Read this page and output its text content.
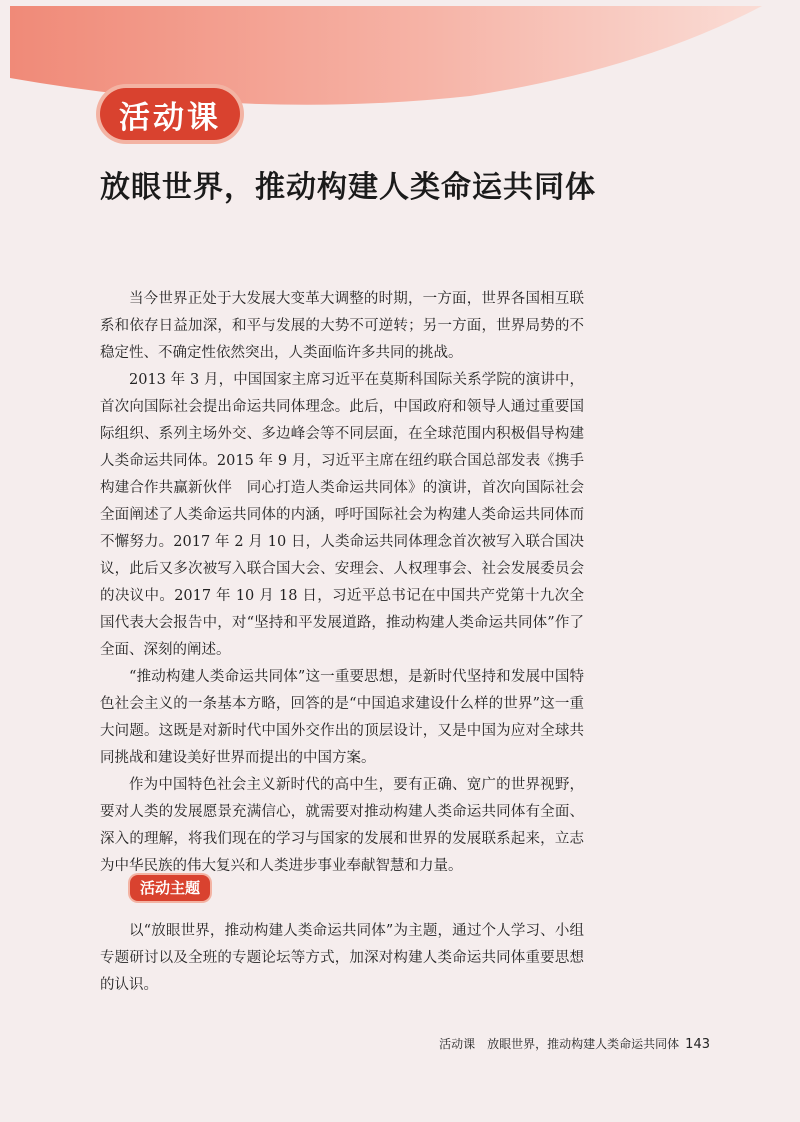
活动课
放眼世界，推动构建人类命运共同体

当今世界正处于大发展大变革大调整的时期，一方面，世界各国相互联系和依存日益加深，和平与发展的大势不可逆转；另一方面，世界局势的不稳定性、不确定性依然突出，人类面临许多共同的挑战。

2013 年 3 月，中国国家主席习近平在莫斯科国际关系学院的演讲中，首次向国际社会提出命运共同体理念。此后，中国政府和领导人通过重要国际组织、系列主场外交、多边峰会等不同层面，在全球范围内积极倡导构建人类命运共同体。2015 年 9 月，习近平主席在纽约联合国总部发表《携手构建合作共赢新伙伴　同心打造人类命运共同体》的演讲，首次向国际社会全面阐述了人类命运共同体的内涵，呼吁国际社会为构建人类命运共同体而不懈努力。2017 年 2 月 10 日，人类命运共同体理念首次被写入联合国决议，此后又多次被写入联合国大会、安理会、人权理事会、社会发展委员会的决议中。2017 年 10 月 18 日，习近平总书记在中国共产党第十九次全国代表大会报告中，对“坚持和平发展道路，推动构建人类命运共同体”作了全面、深刻的阐述。

“推动构建人类命运共同体”这一重要思想，是新时代坚持和发展中国特色社会主义的一条基本方略，回答的是“中国追求建设什么样的世界”这一重大问题。这既是对新时代中国外交作出的顶层设计，又是中国为应对全球共同挑战和建设美好世界而提出的中国方案。

作为中国特色社会主义新时代的高中生，要有正确、宽广的世界视野，要对人类的发展愿景充满信心，就需要对推动构建人类命运共同体有全面、深入的理解，将我们现在的学习与国家的发展和世界的发展联系起来，立志为中华民族的伟大复兴和人类进步事业奉献智慧和力量。

活动主题

以“放眼世界，推动构建人类命运共同体”为主题，通过个人学习、小组专题研讨以及全班的专题论坛等方式，加深对构建人类命运共同体重要思想的认识。

活动课　放眼世界，推动构建人类命运共同体 143
